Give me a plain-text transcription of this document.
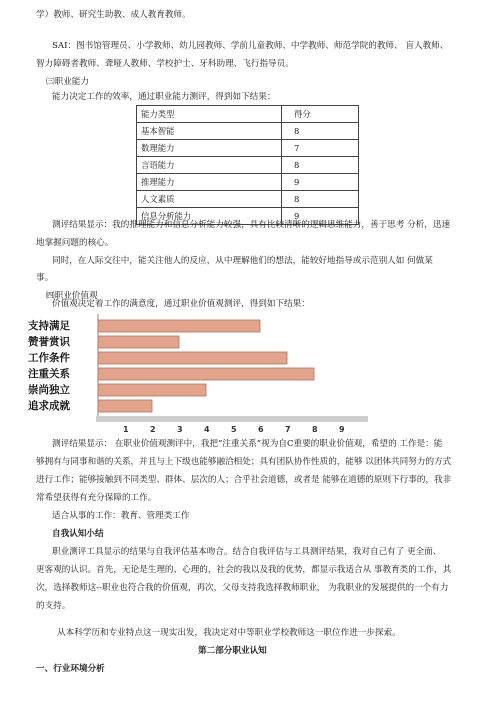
学）教师、研究生助教、成人教育教师。
SAI：图书馆管理员、小学教师、幼儿园教师、学前儿童教师、中学教师、师范学院的教师、 盲人教师、
智力障碍者教师、聋哑人教师、学校护士、牙科助理、飞行指导员。
㈢职业能力
能力决定工作的效率，通过职业能力测评，得到如下结果：
能力类型	得分
基本智能	8
数理能力	7
言语能力	8
推理能力	9
人文素质	8
信息分析能力	9
测评结果显示：我的推理能力和信息分析能力较强，具有比较清晰的逻辑思维能力，善于思考 分析，迅速
地掌握问题的核心。
同时，在人际交往中，能关注他人的反应，从中理解他们的想法，能较好地指导或示范别人如 何做某
事。
㈣职业价值观
价值观决定着工作的满意度，通过职业价值观测评，得到如下结果：
支持满足
赞誉赏识
工作条件
注重关系
崇尚独立
追求成就
1	2	3	4	5	6	7	8	9
测评结果显示： 在职业价值观测评中，我把“注重关系”视为自C重要的职业价值观，希望的 工作是：能
够拥有与同事和谐的关系，并且与上下级也能够融洽相处；具有团队协作性质的，能够 以团体共同努力的方式
进行工作；能够接触到不同类型、群体、层次的人；合乎社会道德，或者是 能够在道德的原则下行事的，我非
常希望获得有充分保障的工作。
适合从事的工作：教育、管理类工作
自我认知小结
职业测评工具显示的结果与自我评估基本吻合。结合自我评估与工具测评结果，我对自己有了 更全面、
更客观的认识。首先，无论是生理的、心理的，社会的我以及我的优势，都显示我适合从 事教育类的工作，其
次，选择教师这--职业也符合我的价值观，再次，父母支持我选择教师职业， 为我职业的发展提供的一个有力
的支持。
从本科学历和专业特点这一现实出发，我决定对中等职业学校教师这一职位作进一步探索。
第二部分职业认知
一、行业环境分析
